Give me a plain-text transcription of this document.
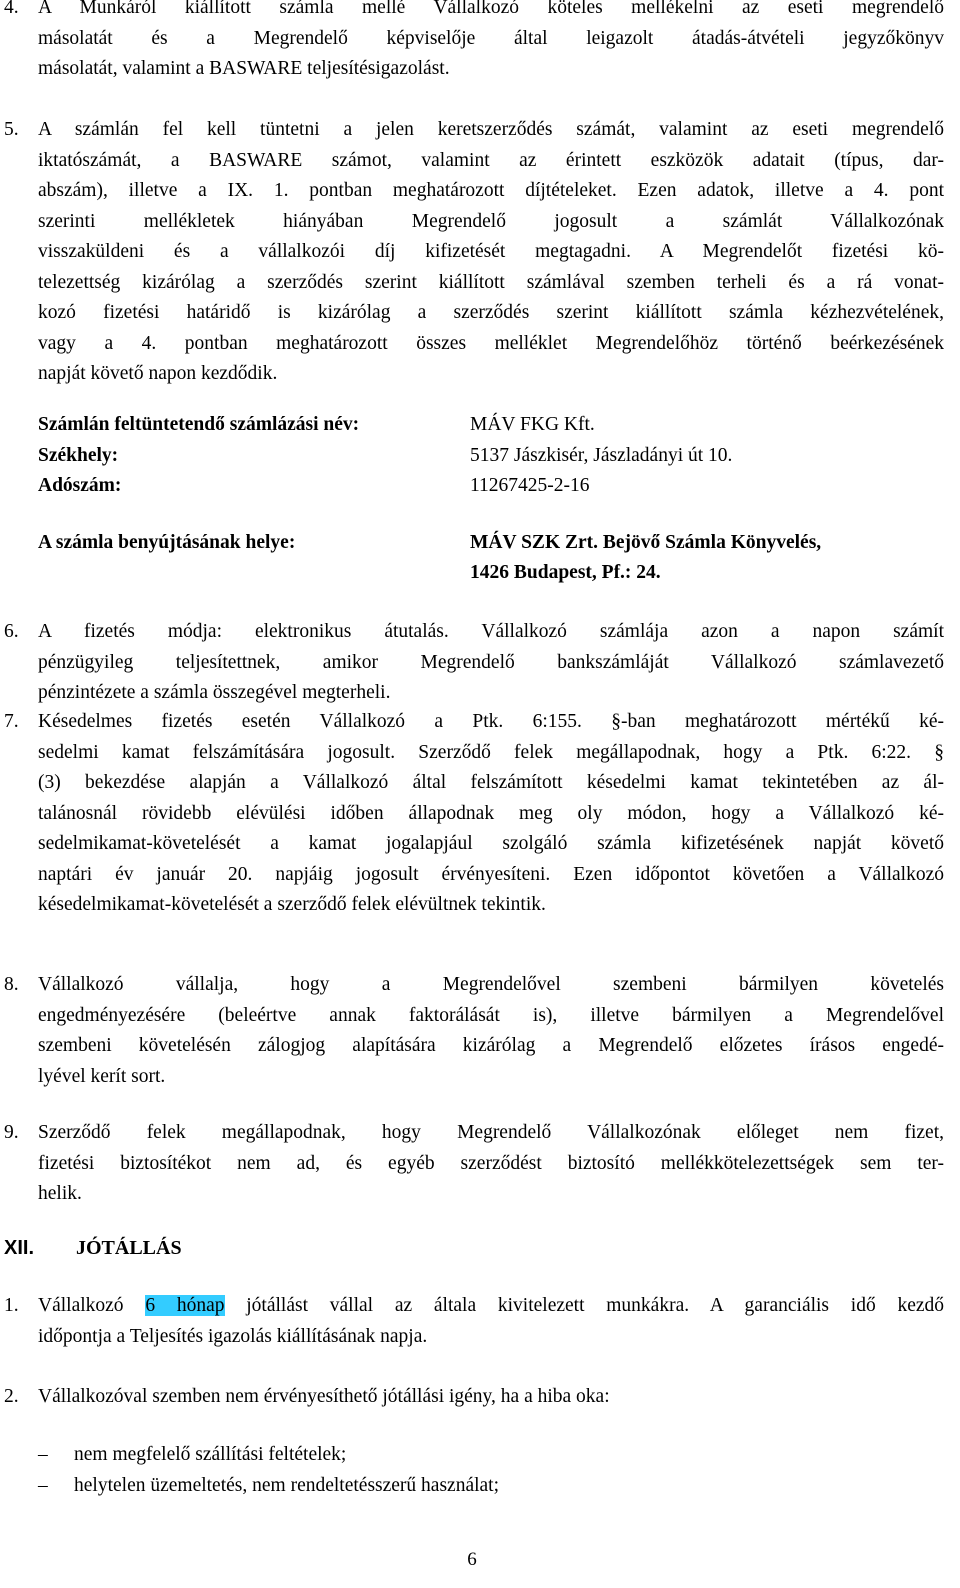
4. A Munkáról kiállított számla mellé Vállalkozó köteles mellékelni az eseti megrendelő
másolatát és a Megrendelő képviselője által leigazolt átadás-átvételi jegyzőkönyv
másolatát, valamint a BASWARE teljesítésigazolást.
5. A számlán fel kell tüntetni a jelen keretszerződés számát, valamint az eseti megrendelő
iktatószámát, a BASWARE számot, valamint az érintett eszközök adatait (típus, dar-
abszám), illetve a IX. 1. pontban meghatározott díjtételeket. Ezen adatok, illetve a 4. pont
szerinti mellékletek hiányában Megrendelő jogosult a számlát Vállalkozónak
visszaküldeni és a vállalkozói díj kifizetését megtagadni. A Megrendelőt fizetési kö-
telezettség kizárólag a szerződés szerint kiállított számlával szemben terheli és a rá vonat-
kozó fizetési határidő is kizárólag a szerződés szerint kiállított számla kézhezvételének,
vagy a 4. pontban meghatározott összes melléklet Megrendelőhöz történő beérkezésének
napját követő napon kezdődik.
Számlán feltüntetendő számlázási név:	MÁV FKG Kft.
Székhely:	5137 Jászkisér, Jászladányi út 10.
Adószám:	11267425-2-16
A számla benyújtásának helye:	MÁV SZK Zrt. Bejövő Számla Könyvelés,
1426 Budapest, Pf.: 24.
6. A fizetés módja: elektronikus átutalás. Vállalkozó számlája azon a napon számít
pénzügyileg teljesítettnek, amikor Megrendelő bankszámláját Vállalkozó számlavezető
pénzintézete a számla összegével megterheli.
7. Késedelmes fizetés esetén Vállalkozó a Ptk. 6:155. §-ban meghatározott mértékű ké-
sedelmi kamat felszámítására jogosult. Szerződő felek megállapodnak, hogy a Ptk. 6:22. §
(3) bekezdése alapján a Vállalkozó által felszámított késedelmi kamat tekintetében az ál-
talánosnál rövidebb elévülési időben állapodnak meg oly módon, hogy a Vállalkozó ké-
sedelmikamat-követelését a kamat jogalapjául szolgáló számla kifizetésének napját követő
naptári év január 20. napjáig jogosult érvényesíteni. Ezen időpontot követően a Vállalkozó
késedelmikamat-követelését a szerződő felek elévültnek tekintik.
8. Vállalkozó vállalja, hogy a Megrendelővel szembeni bármilyen követelés
engedményezésére (beleértve annak faktorálását is), illetve bármilyen a Megrendelővel
szembeni követelésén zálogjog alapítására kizárólag a Megrendelő előzetes írásos engedé-
lyével kerít sort.
9. Szerződő felek megállapodnak, hogy Megrendelő Vállalkozónak előleget nem fizet,
fizetési biztosítékot nem ad, és egyéb szerződést biztosító mellékkötelezettségek sem ter-
helik.
XII. JÓTÁLLÁS
1. Vállalkozó 6 hónap jótállást vállal az általa kivitelezett munkákra. A garanciális idő kezdő
időpontja a Teljesítés igazolás kiállításának napja.
2. Vállalkozóval szemben nem érvényesíthető jótállási igény, ha a hiba oka:
– nem megfelelő szállítási feltételek;
– helytelen üzemeltetés, nem rendeltetésszerű használat;
6
